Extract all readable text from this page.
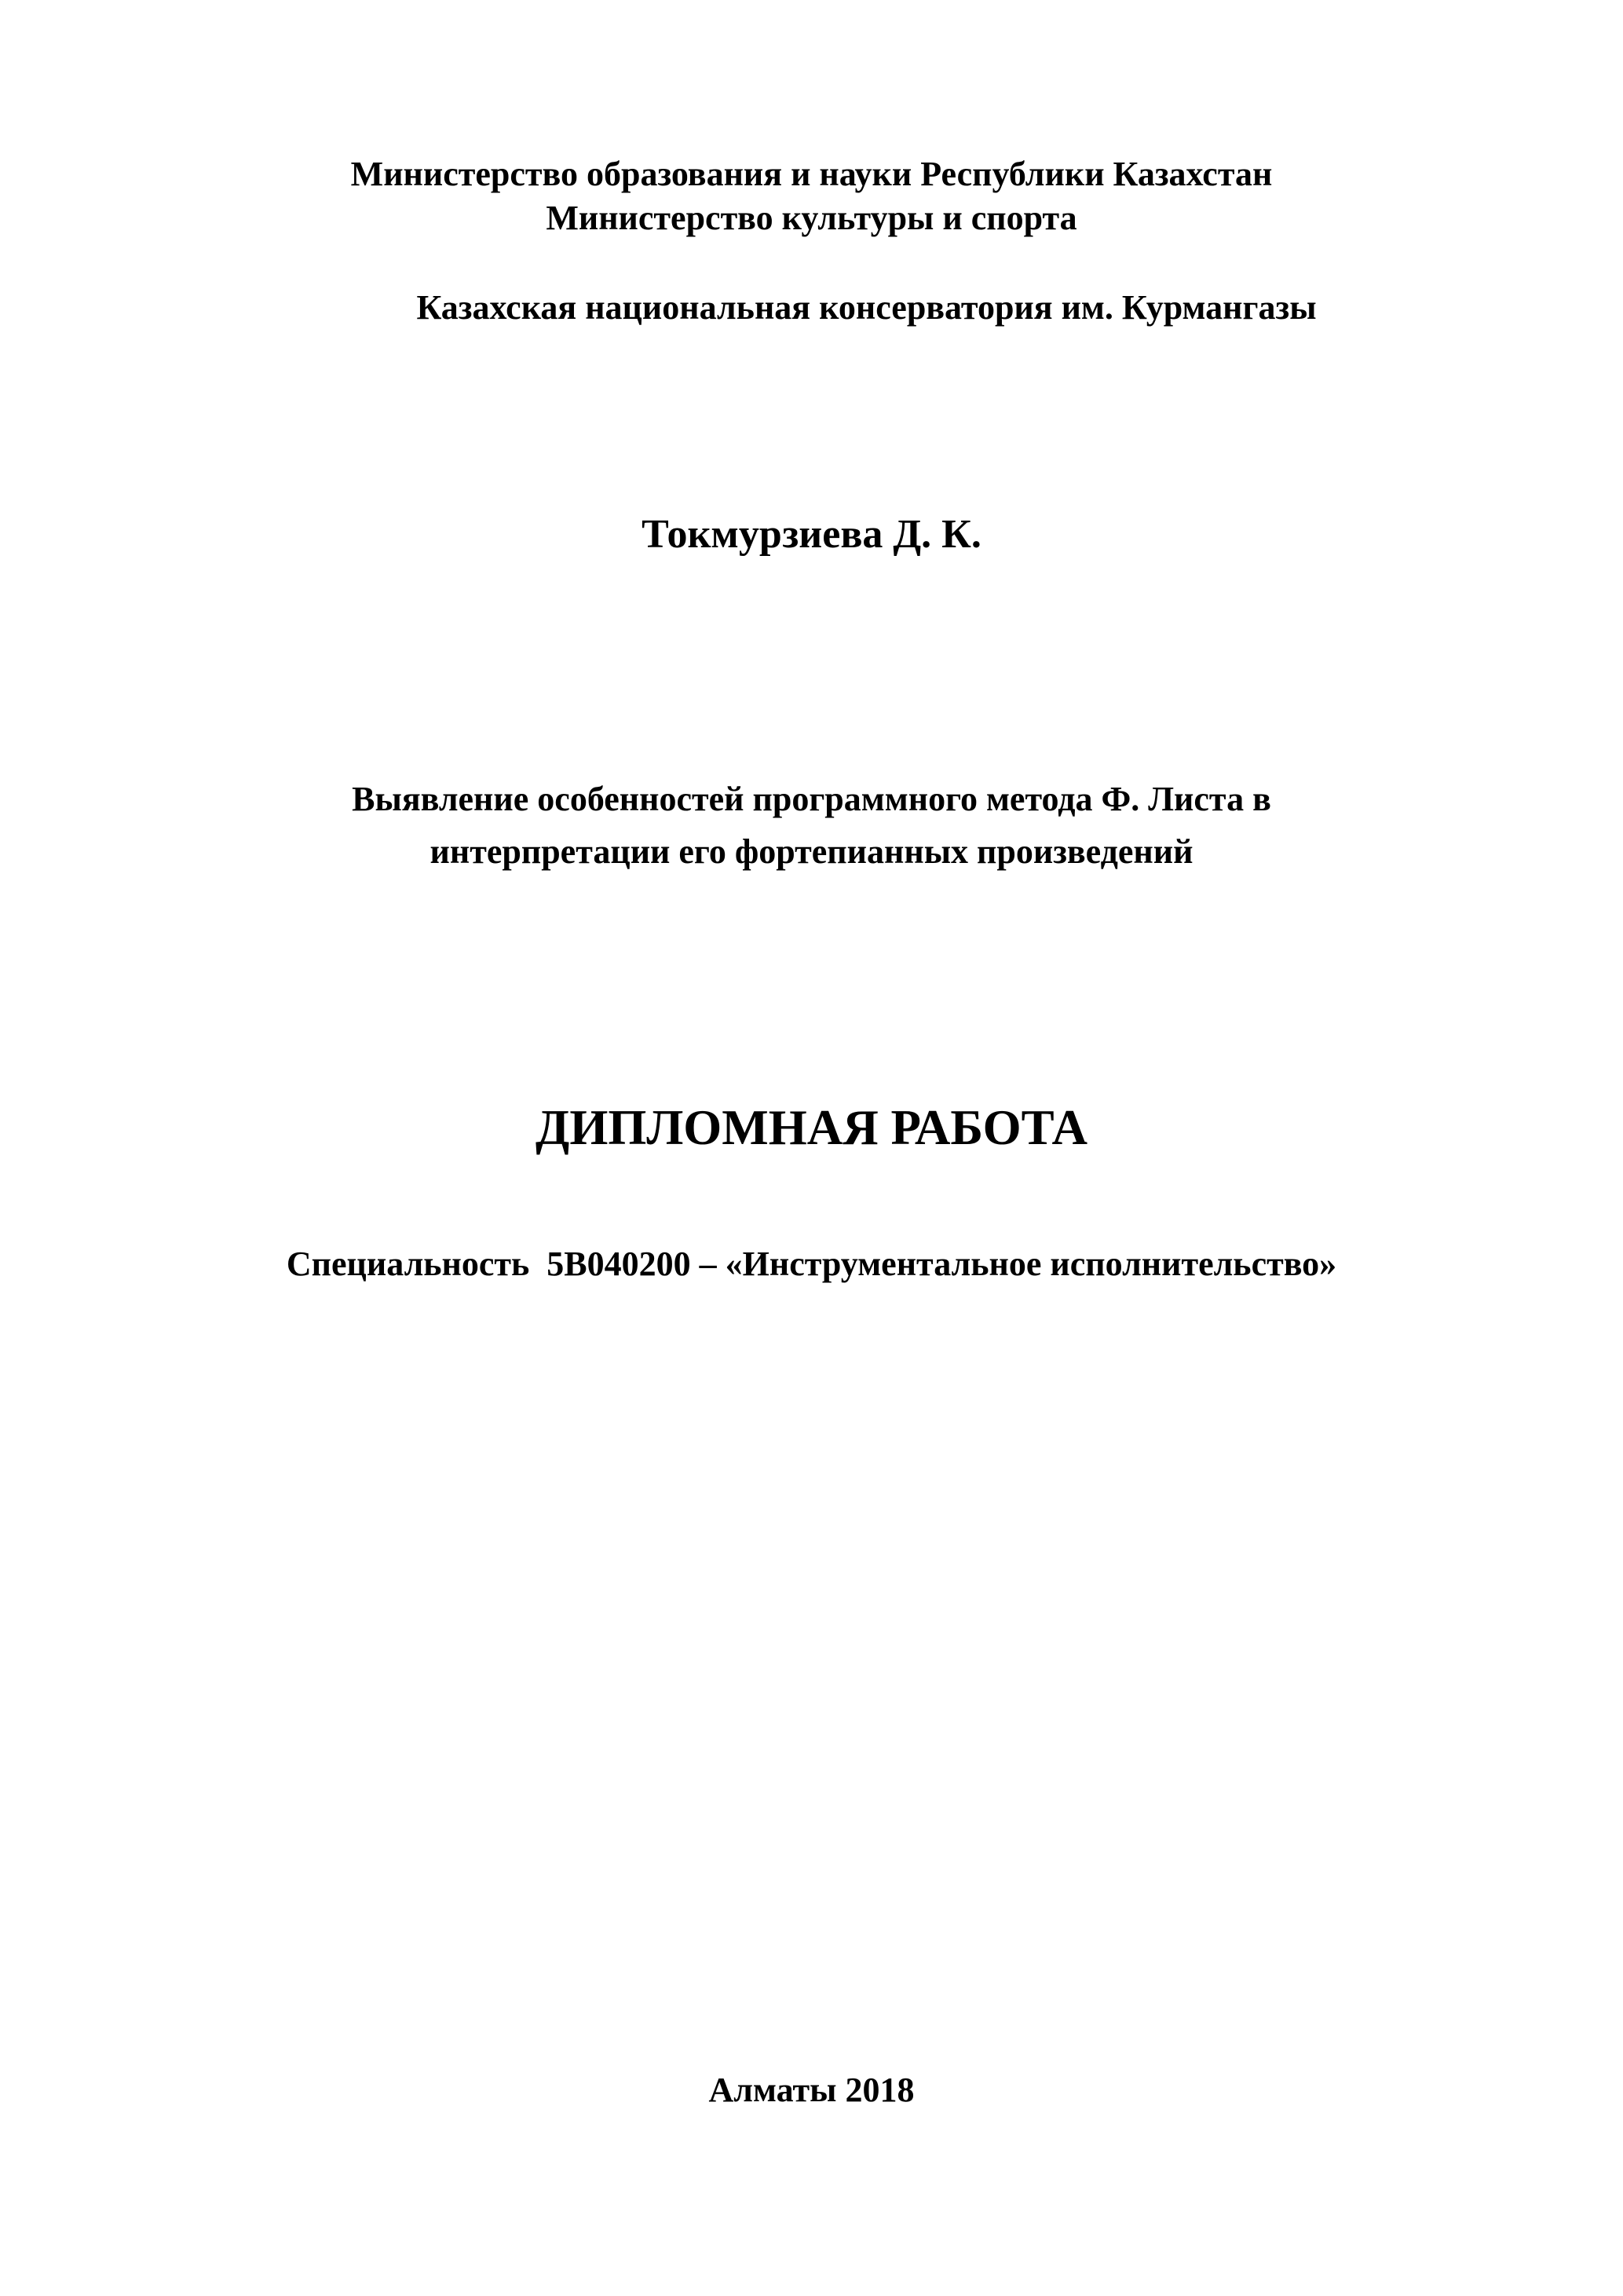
Министерство образования и науки Республики Казахстан
Министерство культуры и спорта
Казахская национальная консерватория им. Курмангазы
Токмурзиева Д. К.
Выявление особенностей программного метода Ф. Листа в
интерпретации его фортепианных произведений
ДИПЛОМНАЯ РАБОТА
Специальность  5В040200 – «Инструментальное исполнительство»
Алматы 2018
